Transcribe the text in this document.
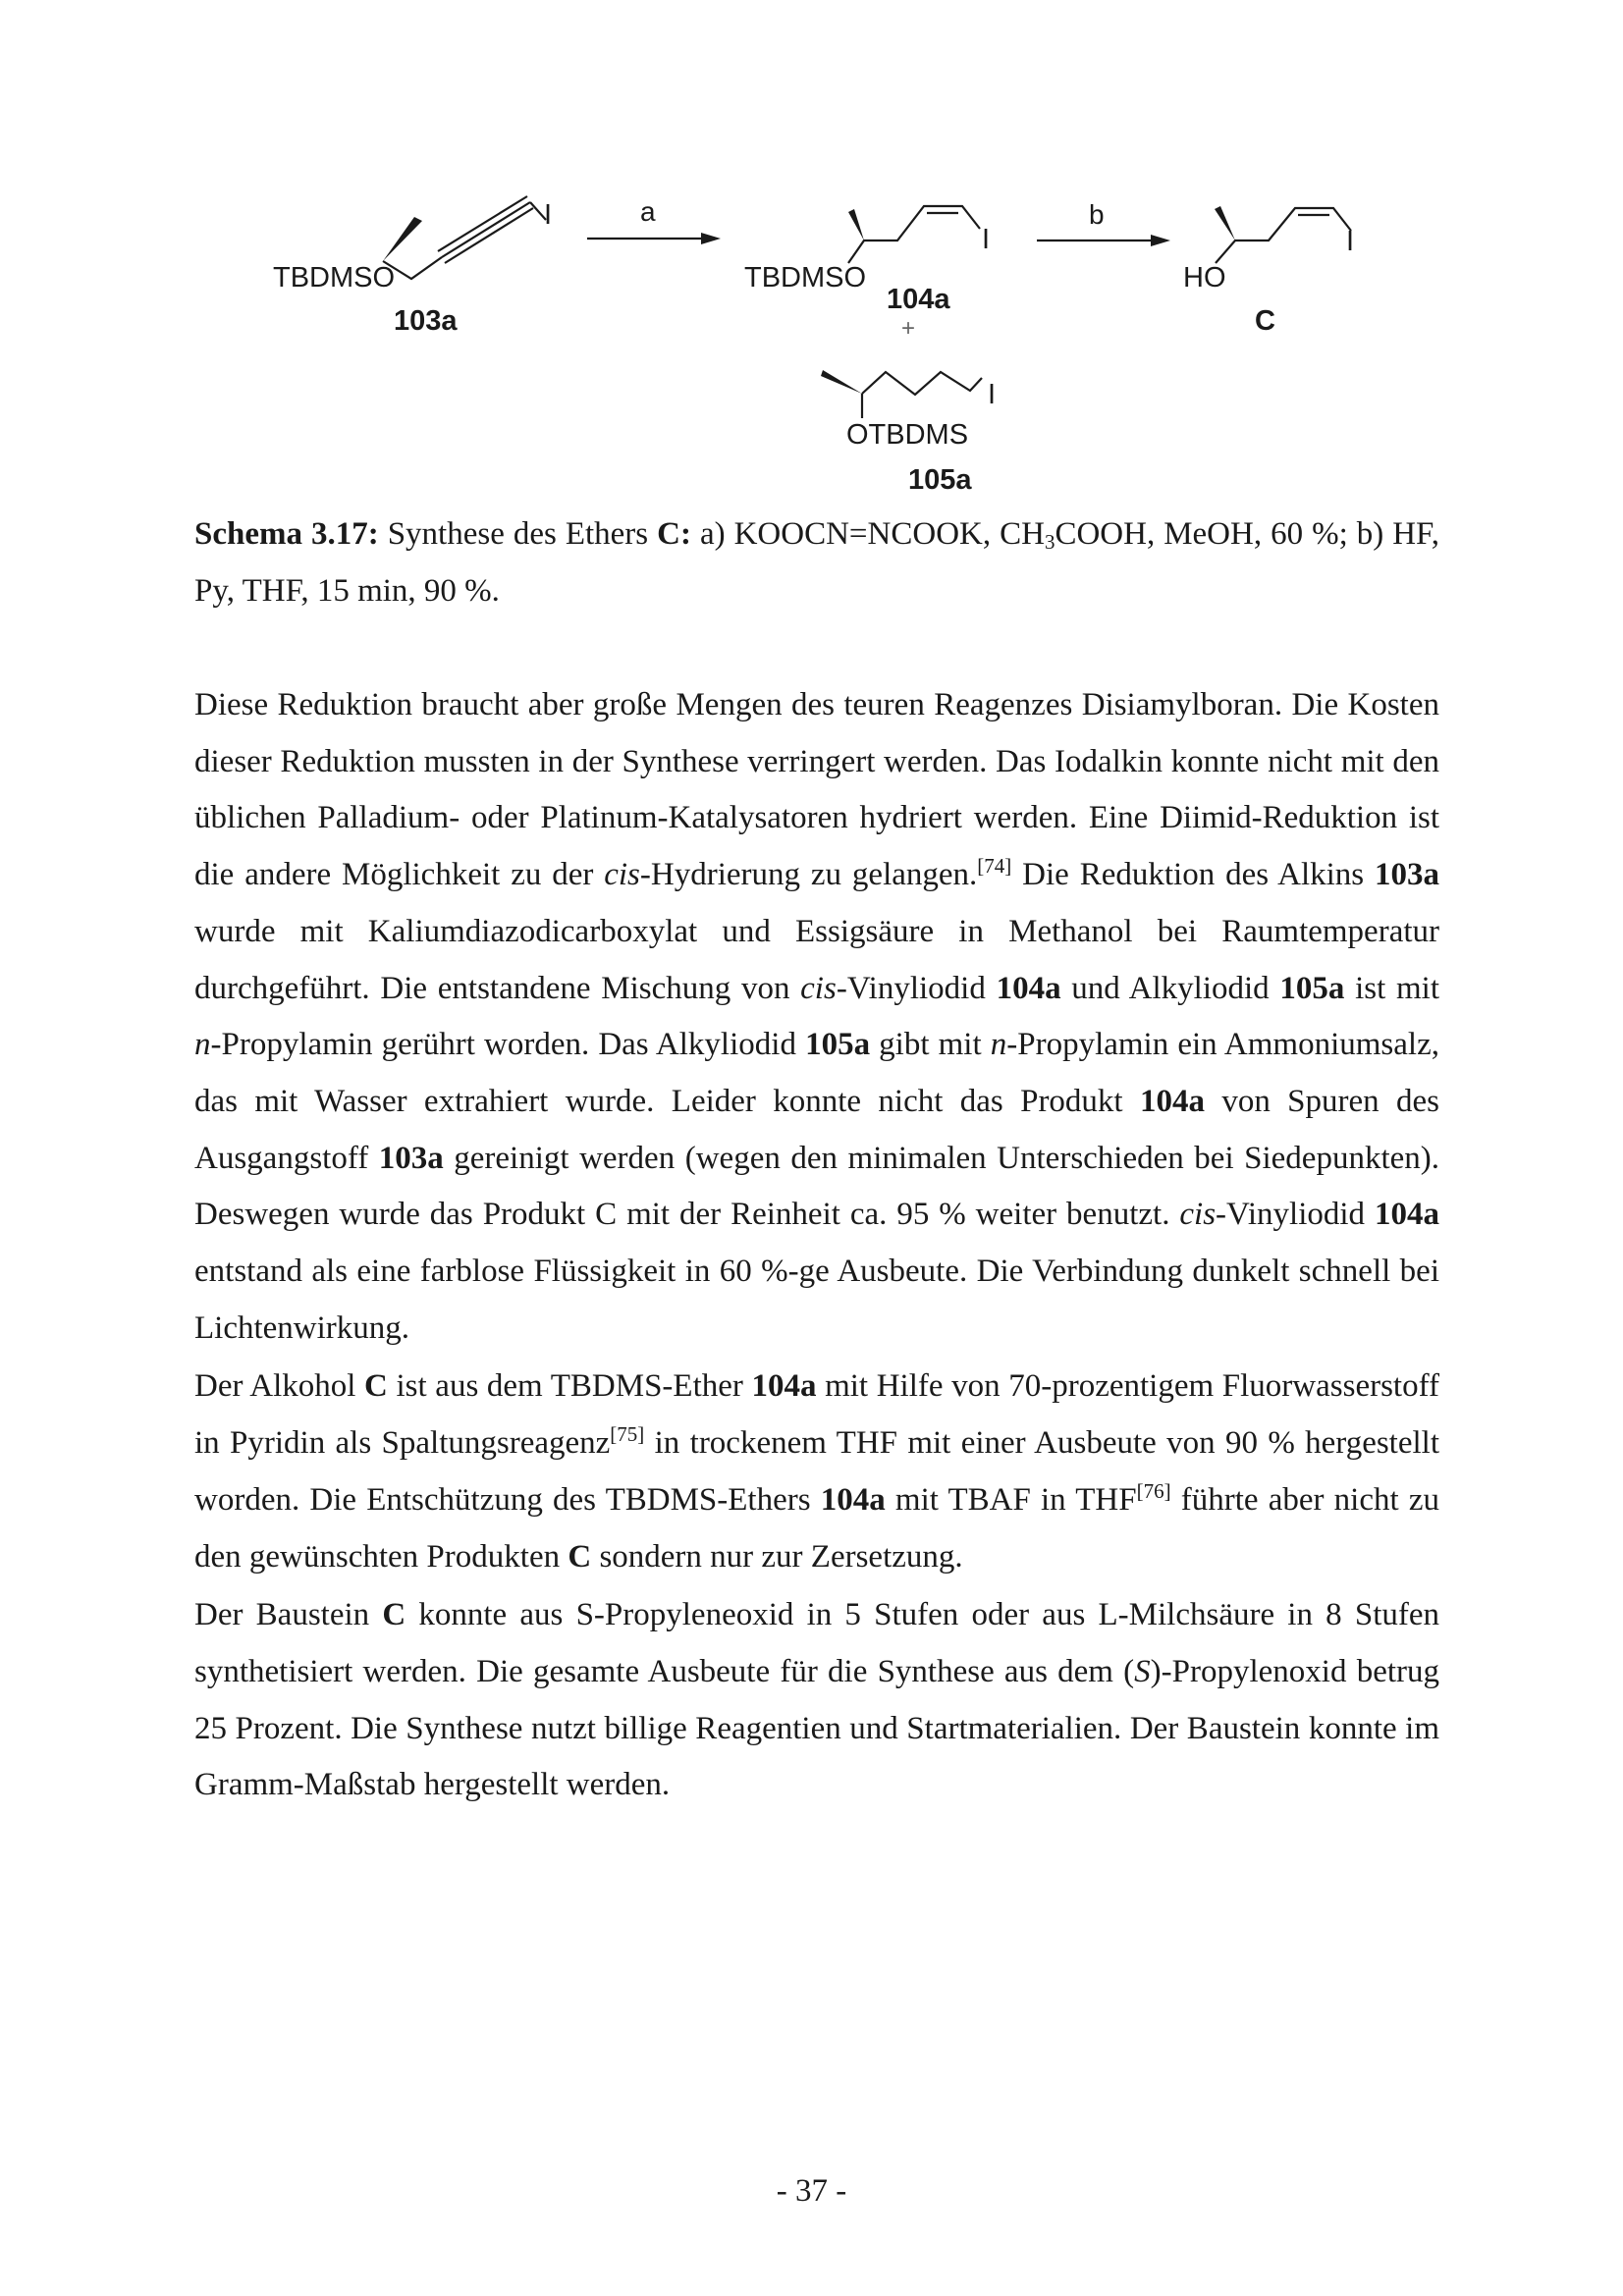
TBDMSO
I
103a
a
TBDMSO
I
104a
+
b
HO
I
C
I
OTBDMS
105a
Schema 3.17: Synthese des Ethers C: a) KOOCN=NCOOK, $CH_3COOH$, MeOH, 60 %; b) HF, Py, THF, 15 min, 90 %.

Diese Reduktion braucht aber große Mengen des teuren Reagenzes Disiamylboran. Die Kosten dieser Reduktion mussten in der Synthese verringert werden. Das Iodalkin konnte nicht mit den üblichen Palladium- oder Platinum-Katalysatoren hydriert werden. Eine Diimid-Reduktion ist die andere Möglichkeit zu der cis-Hydrierung zu gelangen.[74] Die Reduktion des Alkins 103a wurde mit Kaliumdiazodicarboxylat und Essigsäure in Methanol bei Raumtemperatur durchgeführt. Die entstandene Mischung von cis-Vinyliodid 104a und Alkyliodid 105a ist mit n-Propylamin gerührt worden. Das Alkyliodid 105a gibt mit n-Propylamin ein Ammoniumsalz, das mit Wasser extrahiert wurde. Leider konnte nicht das Produkt 104a von Spuren des Ausgangstoff 103a gereinigt werden (wegen den minimalen Unterschieden bei Siedepunkten). Deswegen wurde das Produkt C mit der Reinheit ca. 95 % weiter benutzt. cis-Vinyliodid 104a entstand als eine farblose Flüssigkeit in 60 %-ge Ausbeute. Die Verbindung dunkelt schnell bei Lichtenwirkung.

Der Alkohol C ist aus dem TBDMS-Ether 104a mit Hilfe von 70-prozentigem Fluorwasserstoff in Pyridin als Spaltungsreagenz[75] in trockenem THF mit einer Ausbeute von 90 % hergestellt worden. Die Entschützung des TBDMS-Ethers 104a mit TBAF in THF[76] führte aber nicht zu den gewünschten Produkten C sondern nur zur Zersetzung.

Der Baustein C konnte aus S-Propyleneoxid in 5 Stufen oder aus L-Milchsäure in 8 Stufen synthetisiert werden. Die gesamte Ausbeute für die Synthese aus dem (S)-Propylenoxid betrug 25 Prozent. Die Synthese nutzt billige Reagentien und Startmaterialien. Der Baustein konnte im Gramm-Maßstab hergestellt werden.

- 37 -
